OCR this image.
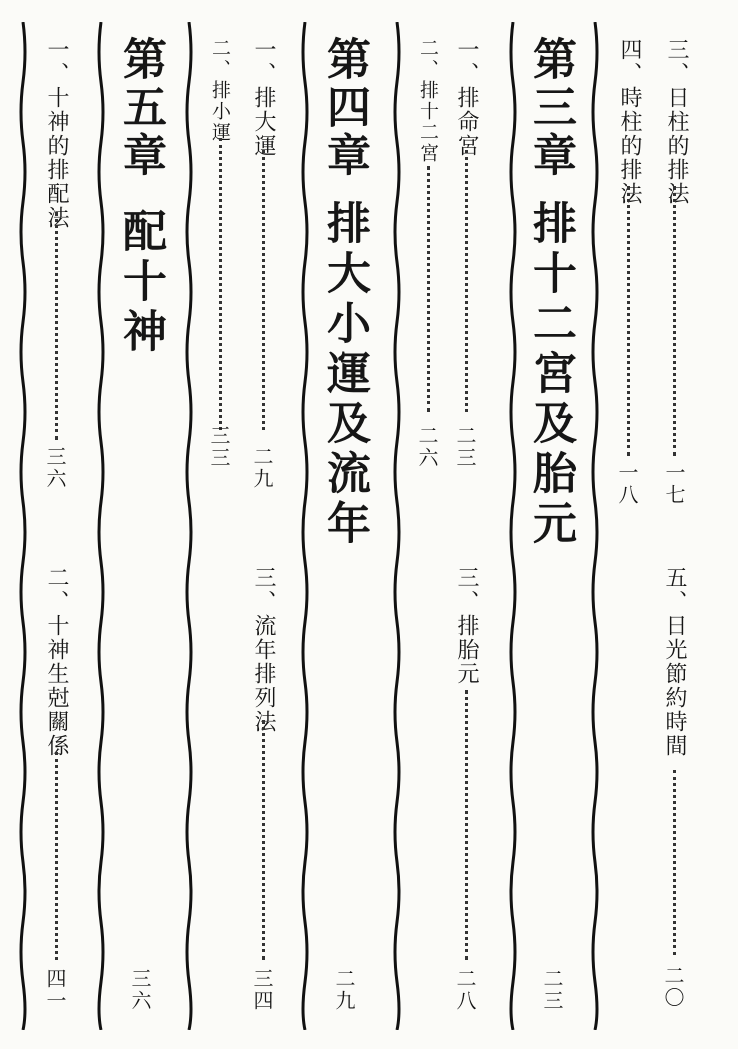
三、日柱的排法
一七
四、時柱的排法
一八
五、日光節約時間
二〇
第三章
排十二宮及胎元
二三
一、排命宮
二三
二、排十二宮
二六
三、排胎元
二八
第四章
排大小運及流年
二九
一、排大運
二九
二、排小運
三三
三、流年排列法
三四
第五章
配十神
三六
一、十神的排配法
三六
二、十神生尅關係
四一
